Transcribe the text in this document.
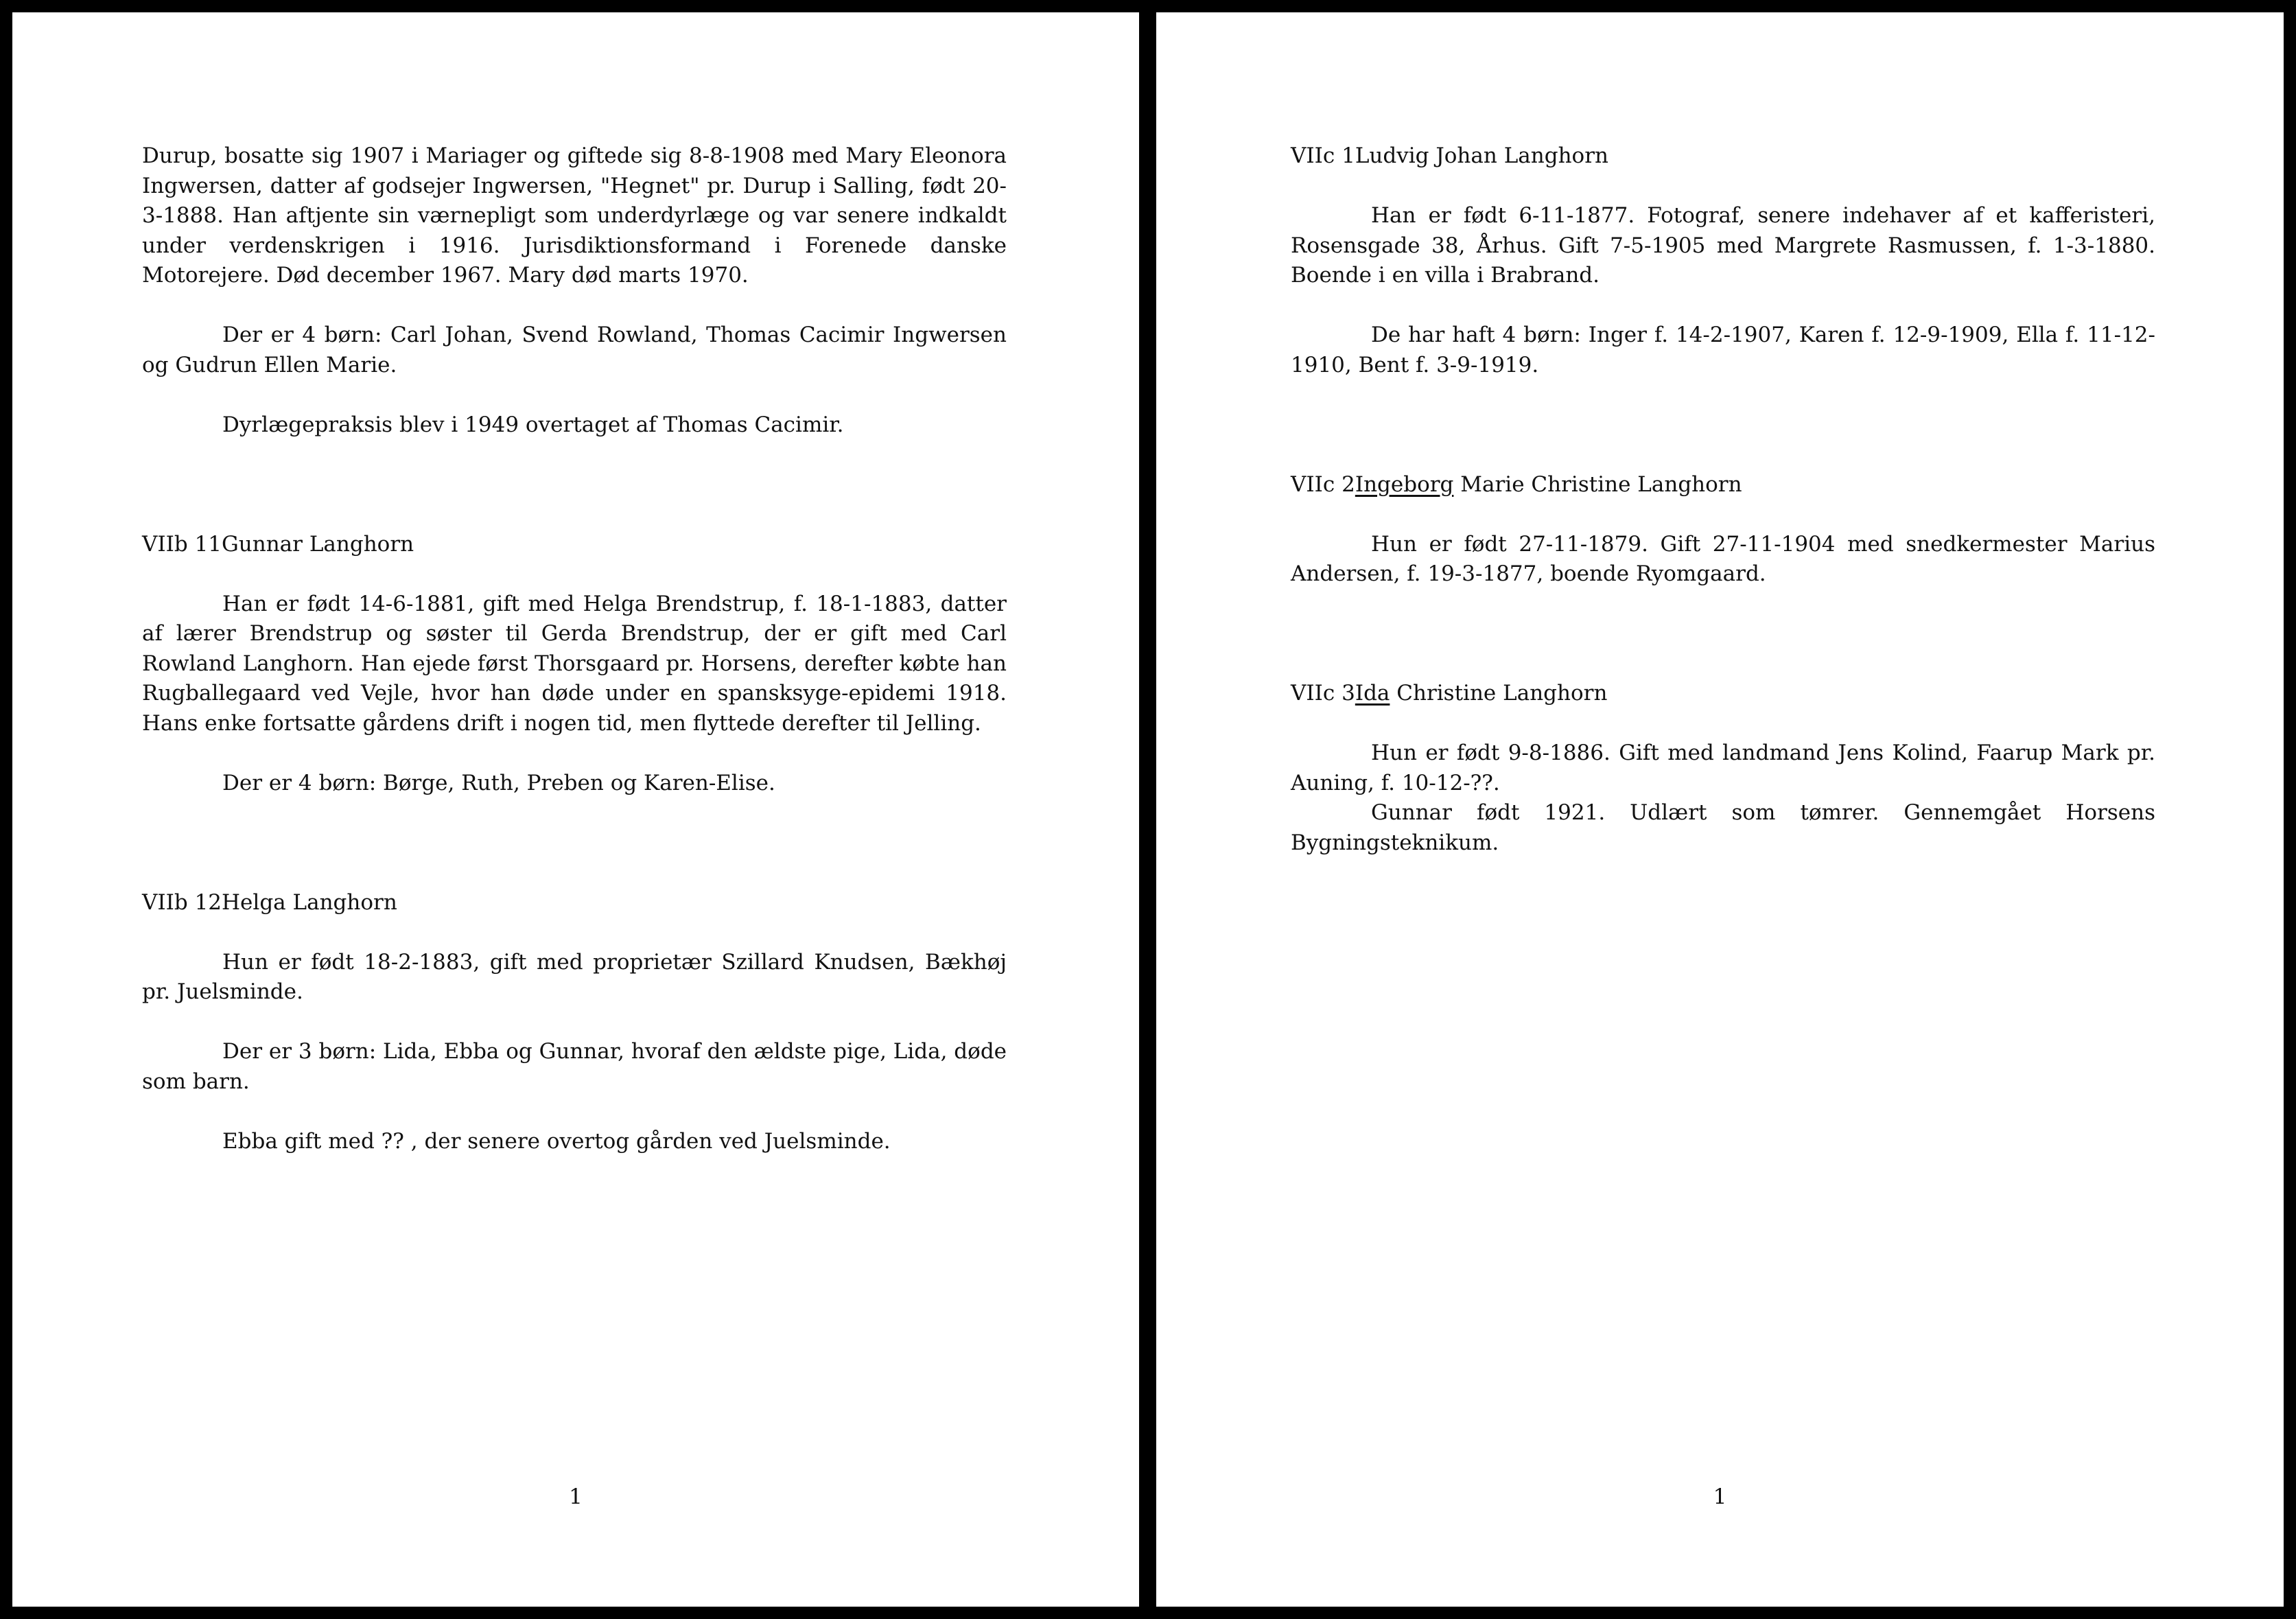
Durup, bosatte sig 1907 i Mariager og giftede sig 8-8-1908 med Mary Eleonora Ingwersen, datter af godsejer Ingwersen, "Hegnet" pr. Durup i Salling, født 20-3-1888. Han aftjente sin værnepligt som underdyrlæge og var senere indkaldt under verdenskrigen i 1916. Jurisdiktionsformand i Forenede danske Motorejere. Død december 1967. Mary død marts 1970.

Der er 4 børn: Carl Johan, Svend Rowland, Thomas Cacimir Ingwersen og Gudrun Ellen Marie.

Dyrlægepraksis blev i 1949 overtaget af Thomas Cacimir.

VIIb 11Gunnar Langhorn

Han er født 14-6-1881, gift med Helga Brendstrup, f. 18-1-1883, datter af lærer Brendstrup og søster til Gerda Brendstrup, der er gift med Carl Rowland Langhorn. Han ejede først Thorsgaard pr. Horsens, derefter købte han Rugballegaard ved Vejle, hvor han døde under en spansksyge-epidemi 1918. Hans enke fortsatte gårdens drift i nogen tid, men flyttede derefter til Jelling.

Der er 4 børn: Børge, Ruth, Preben og Karen-Elise.

VIIb 12Helga Langhorn

Hun er født 18-2-1883, gift med proprietær Szillard Knudsen, Bækhøj pr. Juelsminde.

Der er 3 børn: Lida, Ebba og Gunnar, hvoraf den ældste pige, Lida, døde som barn.

Ebba gift med ?? , der senere overtog gården ved Juelsminde.

1

VIIc 1Ludvig Johan Langhorn

Han er født 6-11-1877. Fotograf, senere indehaver af et kafferisteri, Rosensgade 38, Århus. Gift 7-5-1905 med Margrete Rasmussen, f. 1-3-1880. Boende i en villa i Brabrand.

De har haft 4 børn: Inger f. 14-2-1907, Karen f. 12-9-1909, Ella f. 11-12-1910, Bent f. 3-9-1919.

VIIc 2Ingeborg Marie Christine Langhorn

Hun er født 27-11-1879. Gift 27-11-1904 med snedkermester Marius Andersen, f. 19-3-1877, boende Ryomgaard.

VIIc 3Ida Christine Langhorn

Hun er født 9-8-1886. Gift med landmand Jens Kolind, Faarup Mark pr. Auning, f. 10-12-??.

Gunnar født 1921. Udlært som tømrer. Gennemgået Horsens Bygningsteknikum.

1
